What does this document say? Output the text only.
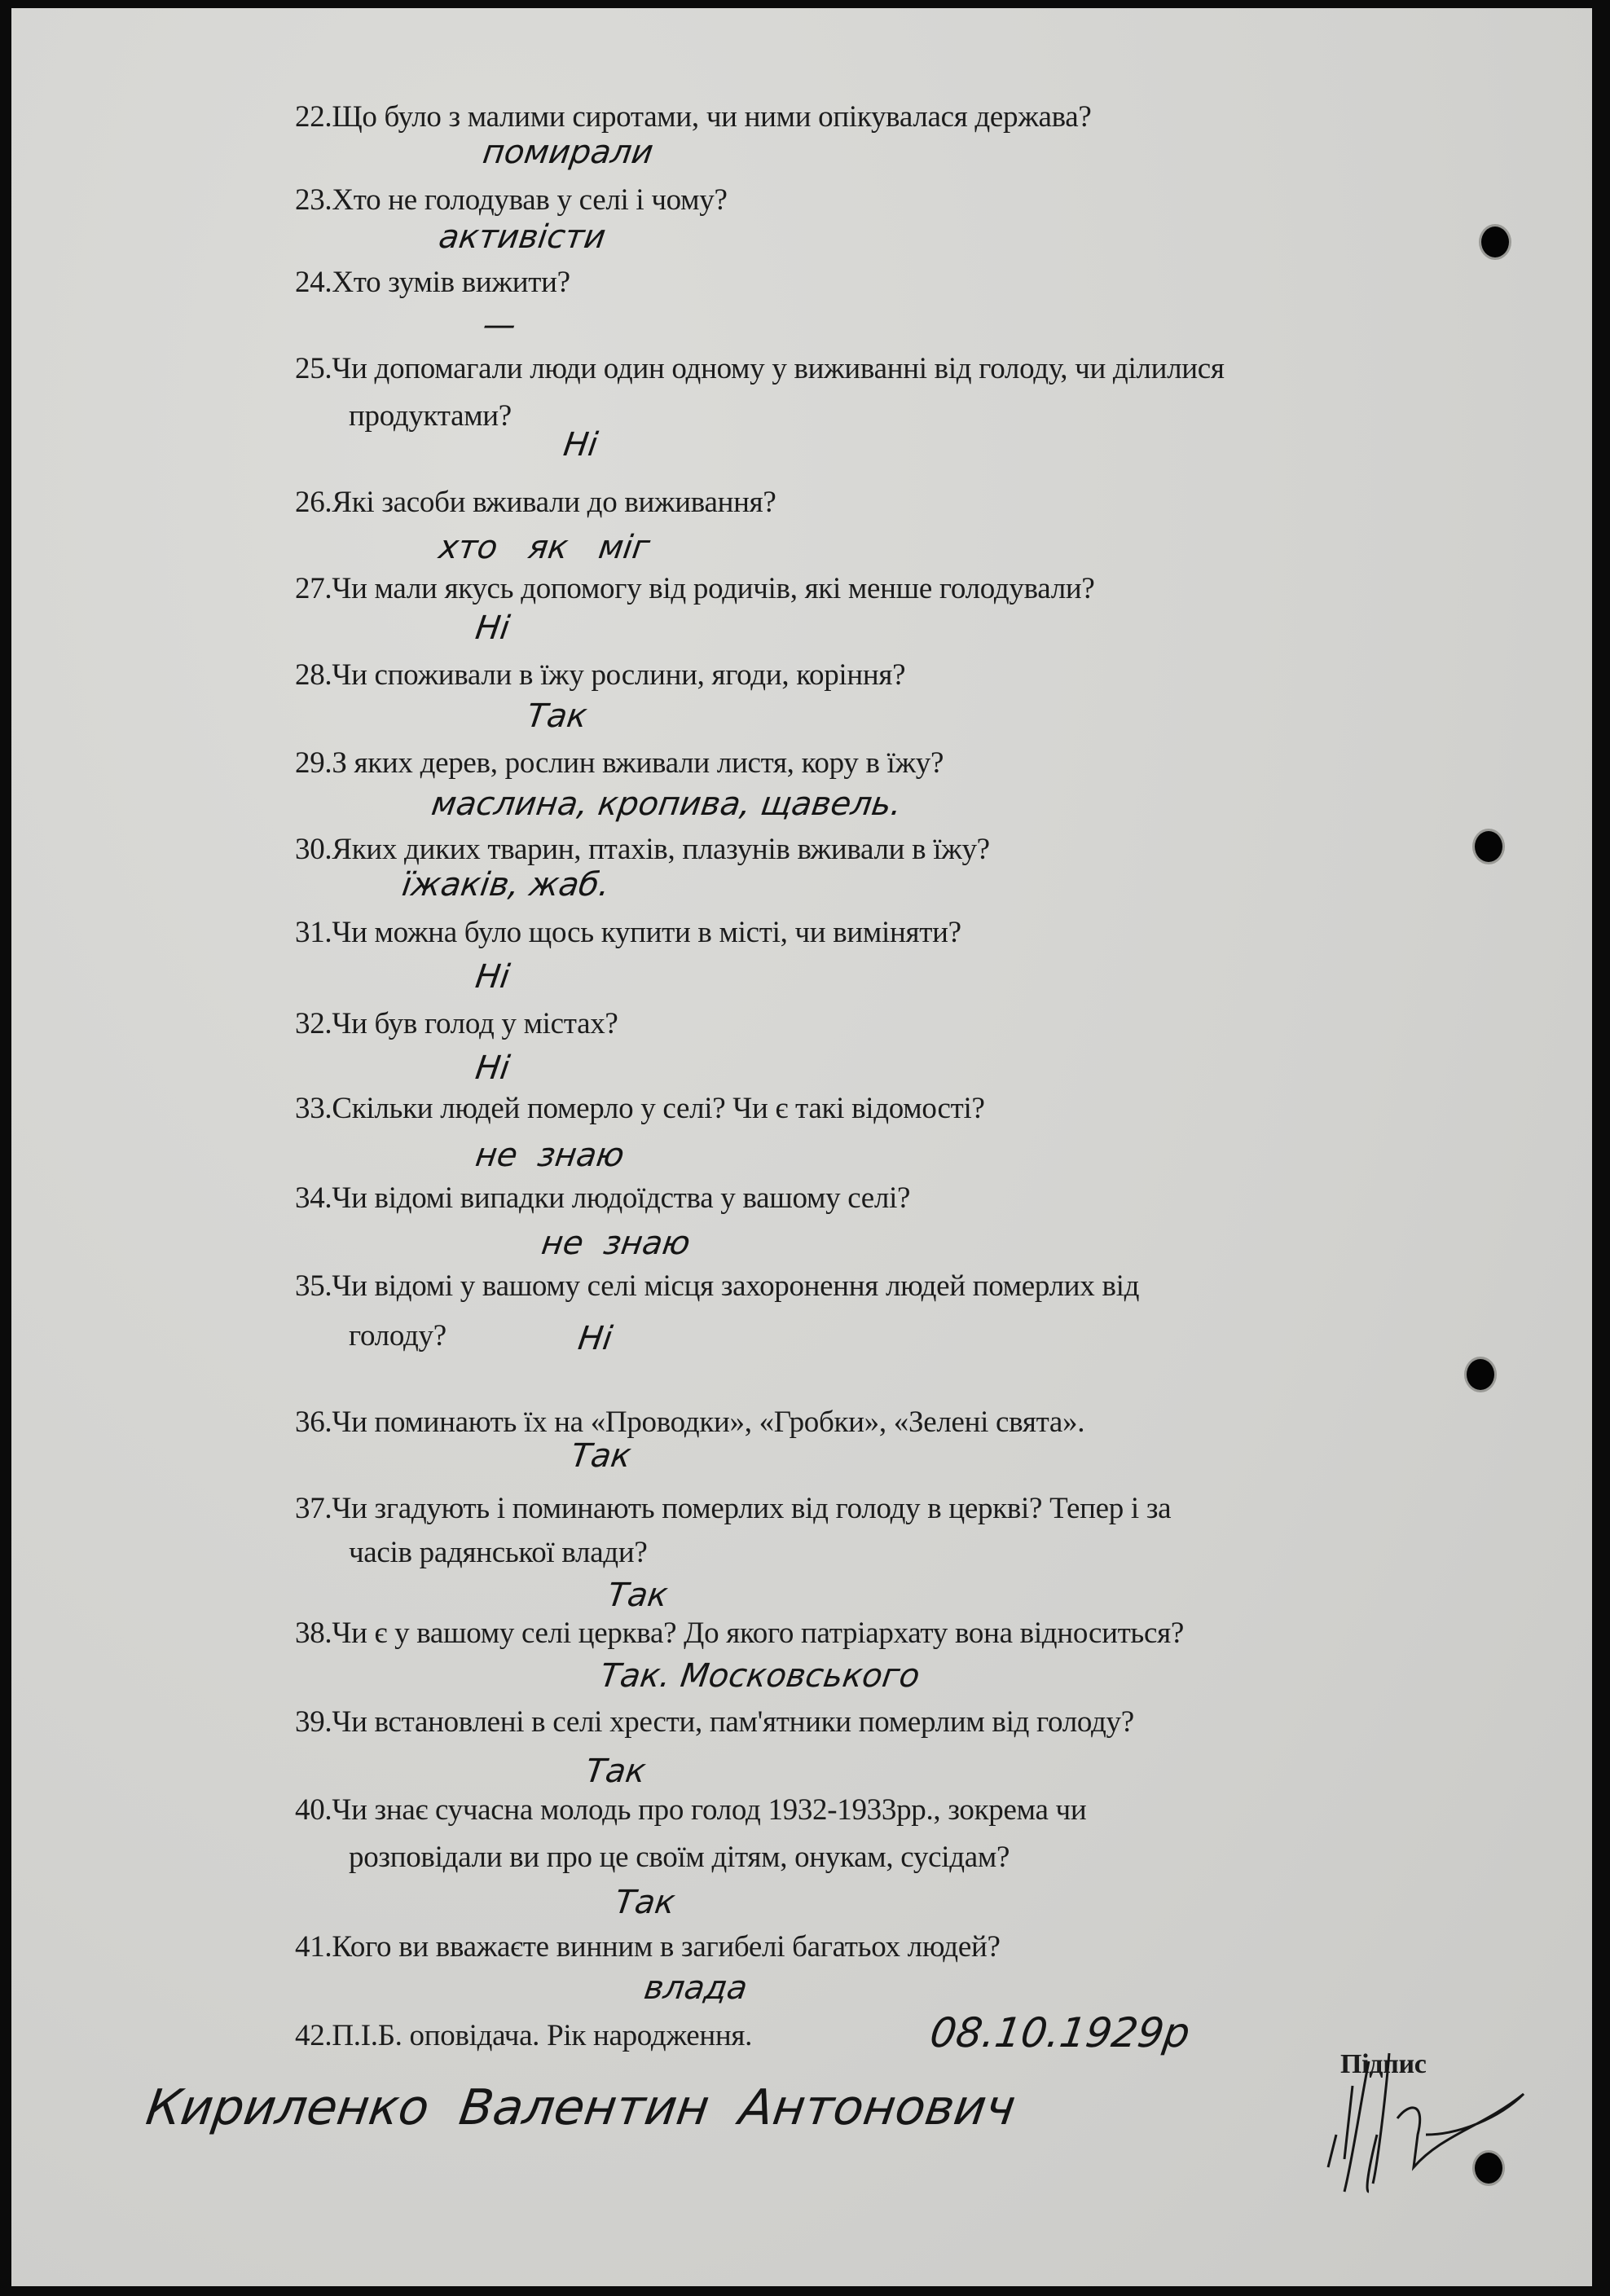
22.Що було з малими сиротами, чи ними опікувалася держава?
23.Хто не голодував у селі і чому?
24.Хто зумів вижити?
25.Чи допомагали люди один одному у виживанні від голоду, чи ділилися
продуктами?
26.Які засоби вживали до виживання?
27.Чи мали якусь допомогу від родичів, які менше голодували?
28.Чи споживали в їжу рослини, ягоди, коріння?
29.З яких дерев, рослин вживали листя, кору в їжу?
30.Яких диких тварин, птахів, плазунів вживали в їжу?
31.Чи можна було щось купити в місті, чи виміняти?
32.Чи був голод у містах?
33.Скільки людей померло у селі? Чи є такі відомості?
34.Чи відомі випадки людоїдства у вашому селі?
35.Чи відомі у вашому селі місця захоронення людей померлих від
голоду?
36.Чи поминають їх на «Проводки», «Гробки», «Зелені свята».
37.Чи згадують і поминають померлих від голоду в церкві? Тепер і за
часів радянської влади?
38.Чи є у вашому селі церква? До якого патріархату вона відноситься?
39.Чи встановлені в селі хрести, пам'ятники померлим від голоду?
40.Чи знає сучасна молодь про голод 1932-1933рр., зокрема чи
розповідали ви про це своїм дітям, онукам, сусідам?
41.Кого ви вважаєте винним в загибелі багатьох людей?
42.П.І.Б. оповідача. Рік народження.
помирали
активісти
—
Ні
хто   як   міг
Ні
Так
маслина, кропива, щавель.
їжаків, жаб.
Ні
Ні
не  знаю
не  знаю
Ні
Так
Так
Так. Московського
Так
Так
влада
Підпис
08.10.1929р
Кириленко  Валентин  Антонович
